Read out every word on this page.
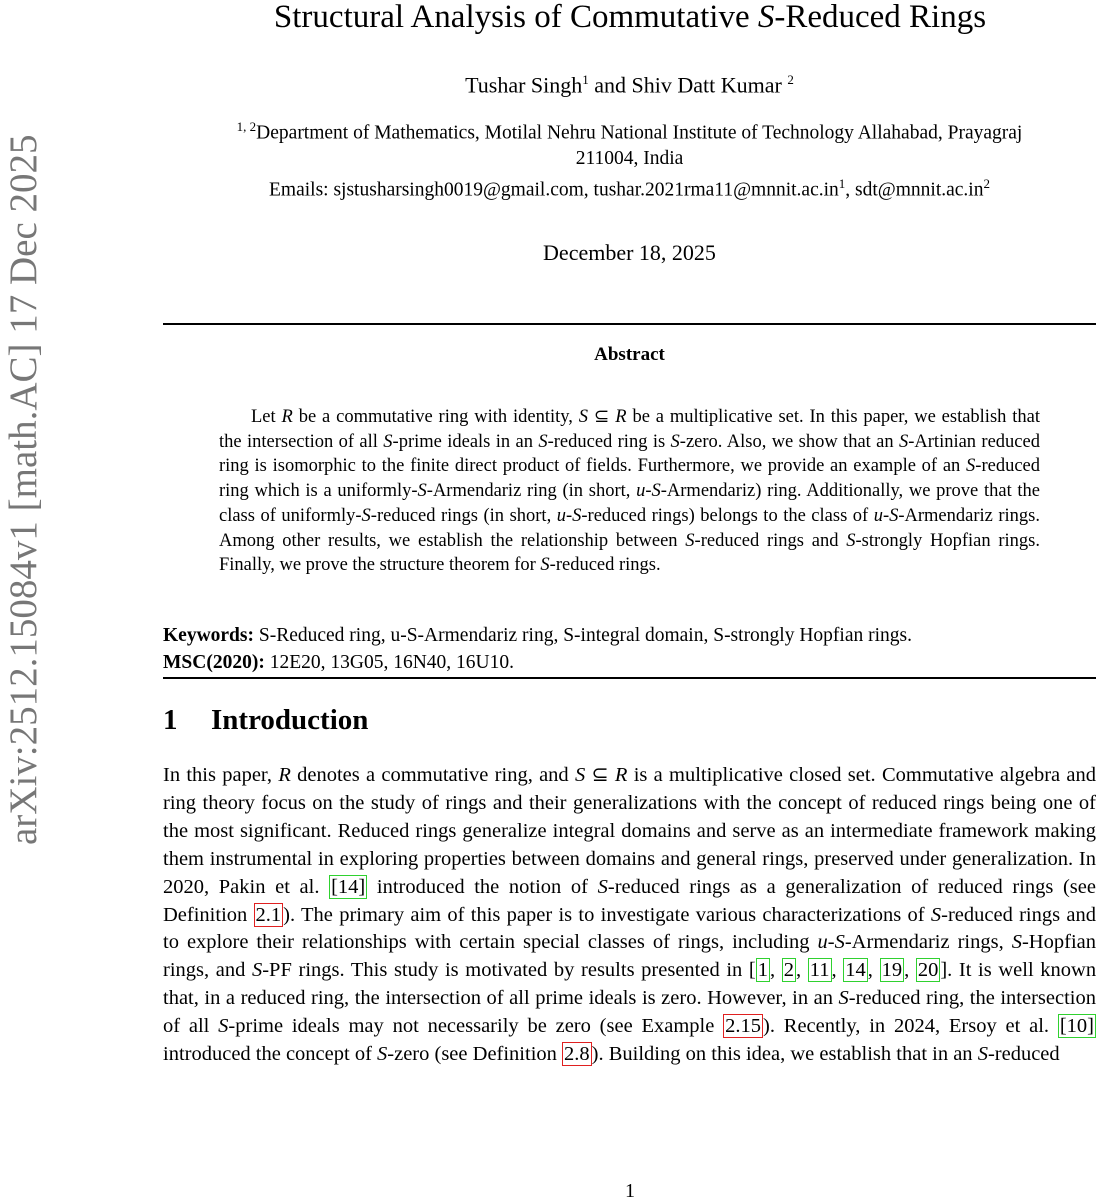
arXiv:2512.15084v1 [math.AC] 17 Dec 2025
Structural Analysis of Commutative S-Reduced Rings
Tushar Singh$^1$ and Shiv Datt Kumar $^2$
$^{1, 2}$Department of Mathematics, Motilal Nehru National Institute of Technology Allahabad, Prayagraj
211004, India
Emails: sjstusharsingh0019@gmail.com, $tushar.2021rma11@mnnit.ac.in^1$, $sdt@mnnit.ac.in^2$
December 18, 2025
Abstract
Let R be a commutative ring with identity, S ⊆ R be a multiplicative set. In this paper, we establish that the intersection of all S-prime ideals in an S-reduced ring is S-zero. Also, we show that an S-Artinian reduced ring is isomorphic to the finite direct product of fields. Furthermore, we provide an example of an S-reduced ring which is a uniformly-S-Armendariz ring (in short, u-S-Armendariz) ring. Additionally, we prove that the class of uniformly-S-reduced rings (in short, u-S-reduced rings) belongs to the class of u-S-Armendariz rings. Among other results, we establish the relationship between S-reduced rings and S-strongly Hopfian rings. Finally, we prove the structure theorem for S-reduced rings.
Keywords: S-Reduced ring, u-S-Armendariz ring, S-integral domain, S-strongly Hopfian rings.
MSC(2020): 12E20, 13G05, 16N40, 16U10.
1 Introduction

In this paper, R denotes a commutative ring, and S ⊆ R is a multiplicative closed set. Commutative algebra and ring theory focus on the study of rings and their generalizations with the concept of reduced rings being one of the most significant. Reduced rings generalize integral domains and serve as an intermediate framework making them instrumental in exploring properties between domains and general rings, preserved under generalization. In 2020, Pakin et al. [14] introduced the notion of S-reduced rings as a generalization of reduced rings (see Definition 2.1). The primary aim of this paper is to investigate various characterizations of S-reduced rings and to explore their relationships with certain special classes of rings, including u-S-Armendariz rings, S-Hopfian rings, and S-PF rings. This study is motivated by results presented in [1, 2, 11, 14, 19, 20]. It is well known that, in a reduced ring, the intersection of all prime ideals is zero. However, in an S-reduced ring, the intersection of all S-prime ideals may not necessarily be zero (see Example 2.15). Recently, in 2024, Ersoy et al. [10] introduced the concept of S-zero (see Definition 2.8). Building on this idea, we establish that in an S-reduced

1
